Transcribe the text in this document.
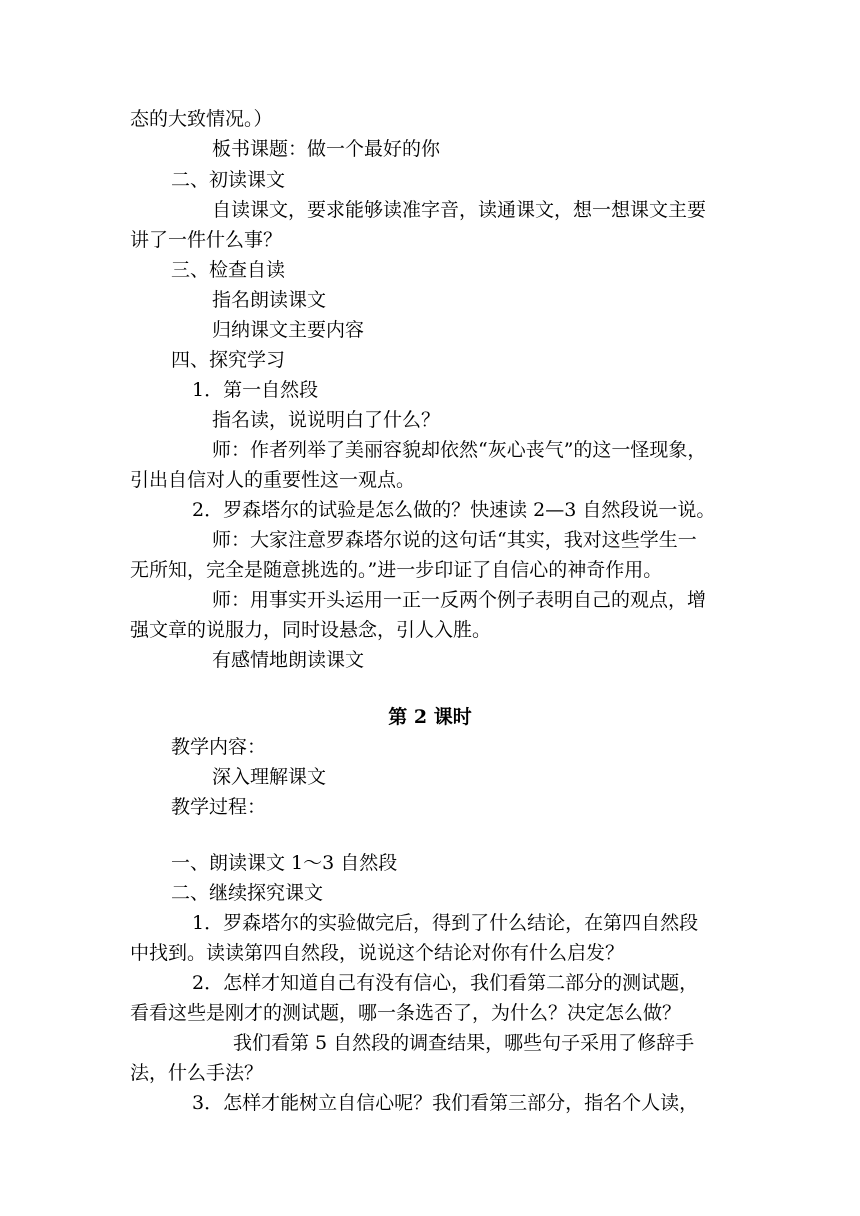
态的大致情况。）
板书课题：做一个最好的你
二、初读课文
自读课文，要求能够读准字音，读通课文，想一想课文主要
讲了一件什么事？
三、检查自读
指名朗读课文
归纳课文主要内容
四、探究学习
1．第一自然段
指名读，说说明白了什么？
师：作者列举了美丽容貌却依然“灰心丧气”的这一怪现象，
引出自信对人的重要性这一观点。
2．罗森塔尔的试验是怎么做的？快速读 2—3 自然段说一说。
师：大家注意罗森塔尔说的这句话“其实，我对这些学生一
无所知，完全是随意挑选的。”进一步印证了自信心的神奇作用。
师：用事实开头运用一正一反两个例子表明自己的观点，增
强文章的说服力，同时设悬念，引人入胜。
有感情地朗读课文
第 2 课时
教学内容：
深入理解课文
教学过程：
一、朗读课文 1～3 自然段
二、继续探究课文
1．罗森塔尔的实验做完后，得到了什么结论，在第四自然段
中找到。读读第四自然段，说说这个结论对你有什么启发？
2．怎样才知道自己有没有信心，我们看第二部分的测试题，
看看这些是刚才的测试题，哪一条选否了，为什么？决定怎么做？
我们看第 5 自然段的调查结果，哪些句子采用了修辞手
法，什么手法？
3．怎样才能树立自信心呢？我们看第三部分，指名个人读，
